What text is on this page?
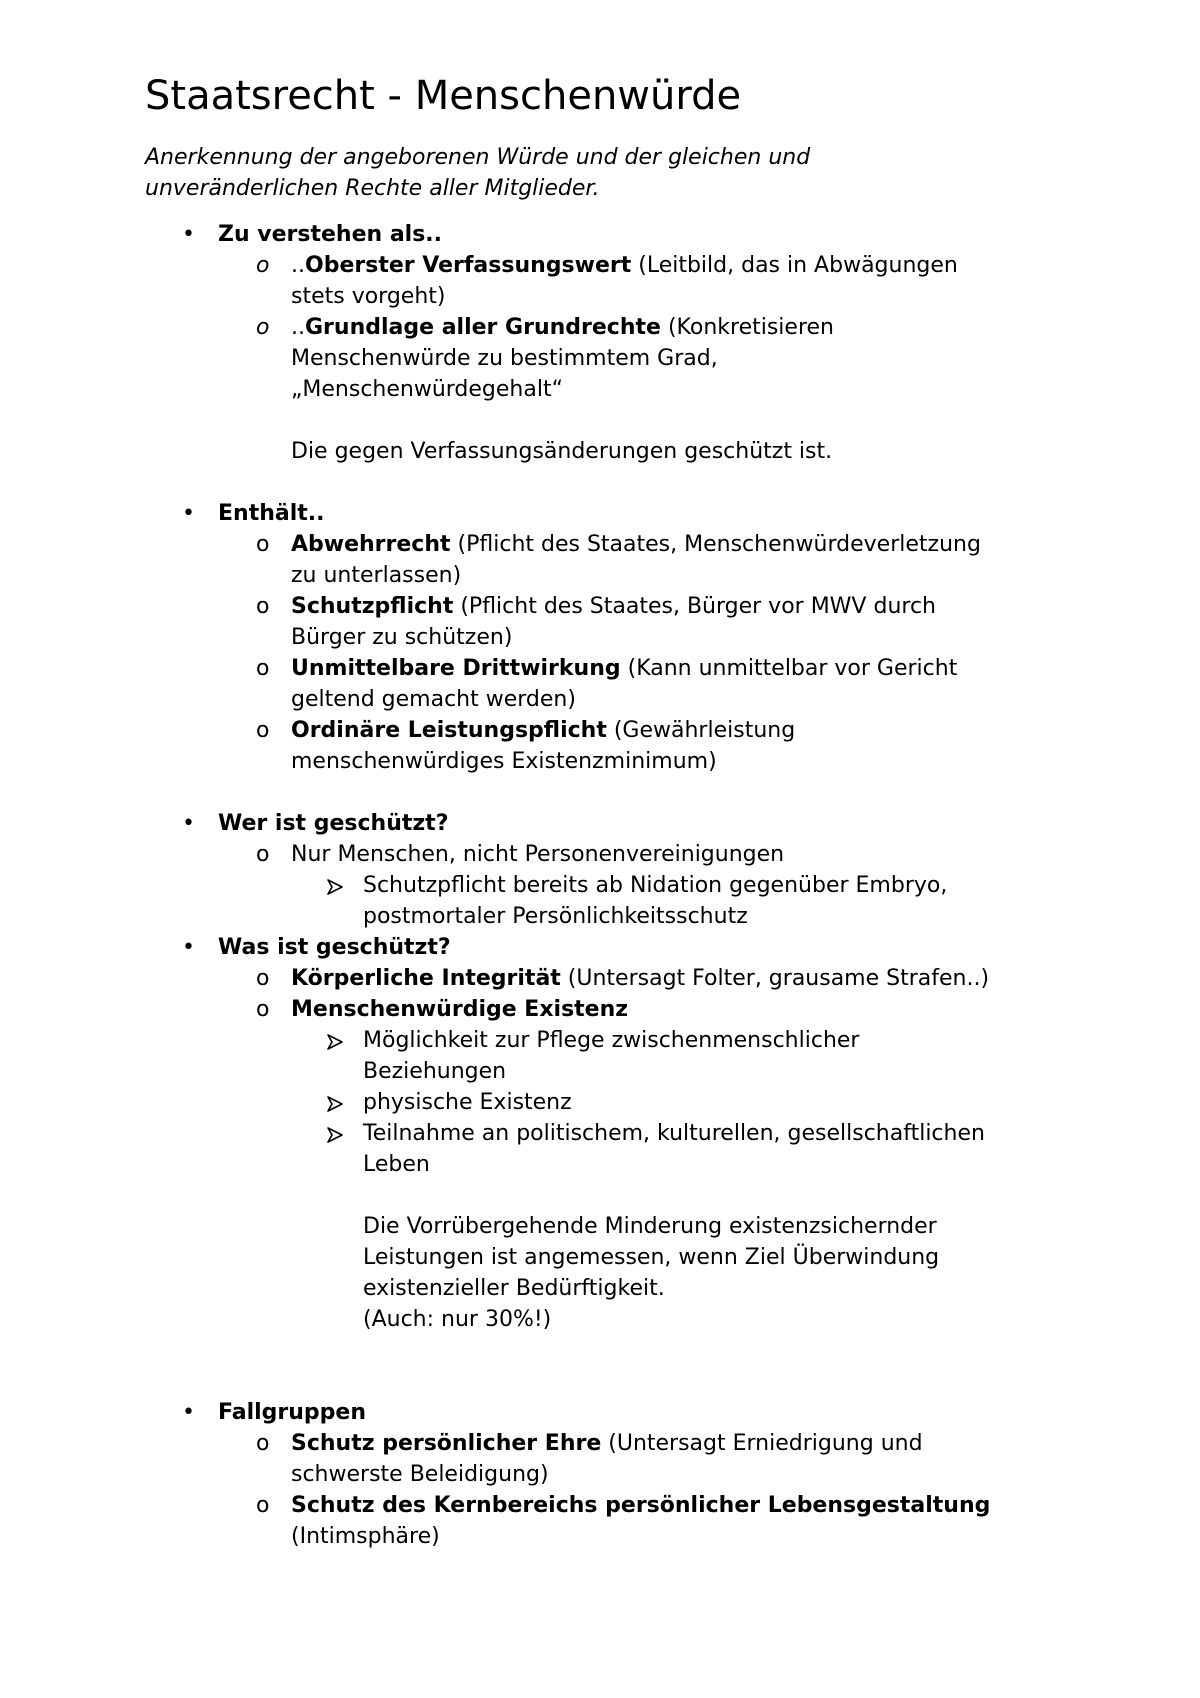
Staatsrecht - Menschenwürde
Anerkennung der angeborenen Würde und der gleichen und
unveränderlichen Rechte aller Mitglieder.
• Zu verstehen als..
o ..Oberster Verfassungswert (Leitbild, das in Abwägungen
stets vorgeht)
o ..Grundlage aller Grundrechte (Konkretisieren
Menschenwürde zu bestimmtem Grad,
„Menschenwürdegehalt“
Die gegen Verfassungsänderungen geschützt ist.
• Enthält..
o Abwehrrecht (Pflicht des Staates, Menschenwürdeverletzung
zu unterlassen)
o Schutzpflicht (Pflicht des Staates, Bürger vor MWV durch
Bürger zu schützen)
o Unmittelbare Drittwirkung (Kann unmittelbar vor Gericht
geltend gemacht werden)
o Ordinäre Leistungspflicht (Gewährleistung
menschenwürdiges Existenzminimum)
• Wer ist geschützt?
o Nur Menschen, nicht Personenvereinigungen
Schutzpflicht bereits ab Nidation gegenüber Embryo,
postmortaler Persönlichkeitsschutz
• Was ist geschützt?
o Körperliche Integrität (Untersagt Folter, grausame Strafen..)
o Menschenwürdige Existenz
Möglichkeit zur Pflege zwischenmenschlicher
Beziehungen
physische Existenz
Teilnahme an politischem, kulturellen, gesellschaftlichen
Leben
Die Vorrübergehende Minderung existenzsichernder
Leistungen ist angemessen, wenn Ziel Überwindung
existenzieller Bedürftigkeit.
(Auch: nur 30%!)
• Fallgruppen
o Schutz persönlicher Ehre (Untersagt Erniedrigung und
schwerste Beleidigung)
o Schutz des Kernbereichs persönlicher Lebensgestaltung
(Intimsphäre)
